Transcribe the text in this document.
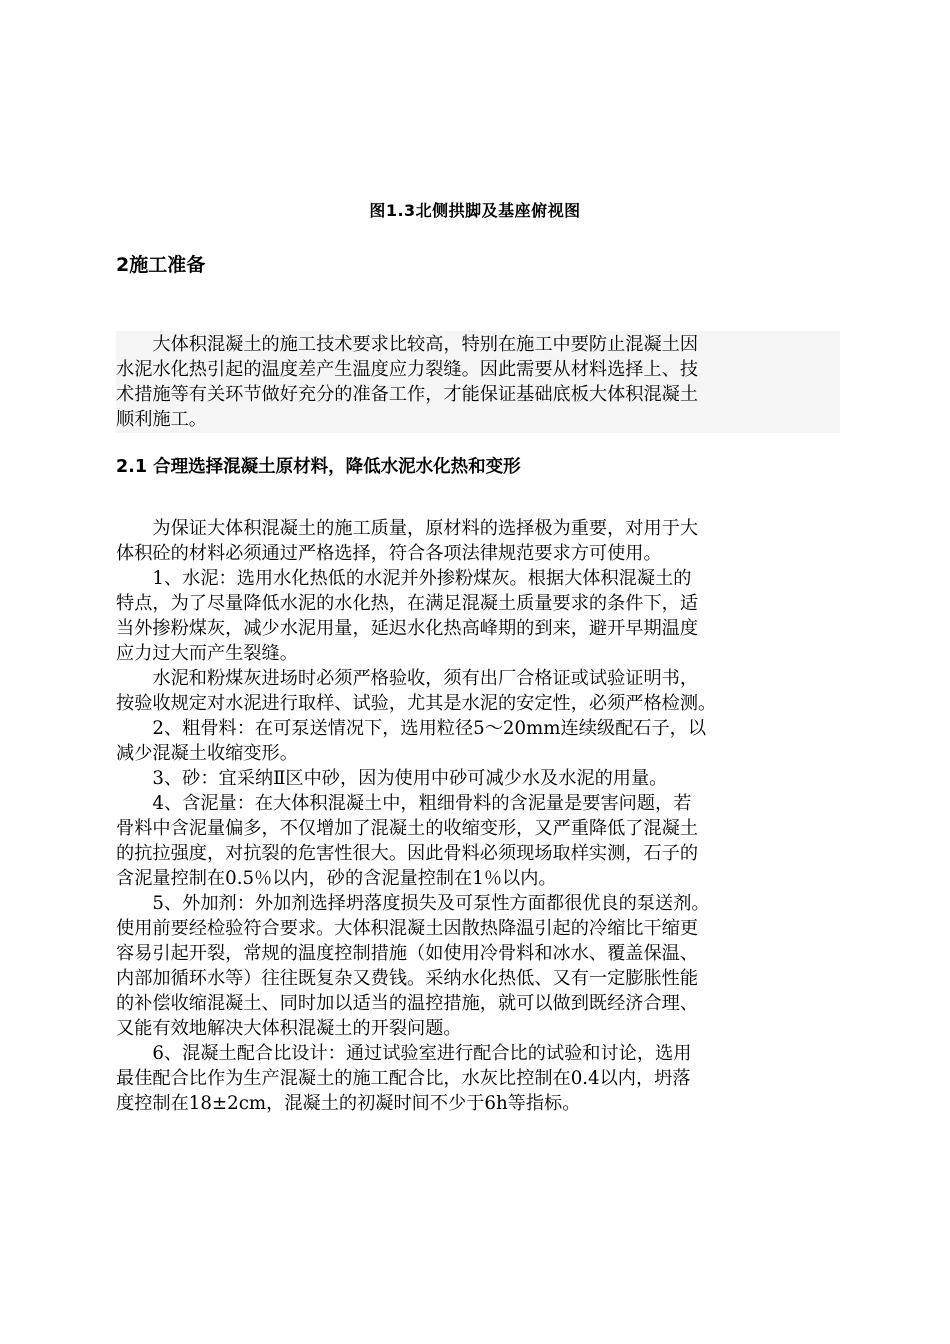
图1.3北侧拱脚及基座俯视图
2施工准备
　　大体积混凝土的施工技术要求比较高，特别在施工中要防止混凝土因
水泥水化热引起的温度差产生温度应力裂缝。因此需要从材料选择上、技
术措施等有关环节做好充分的准备工作，才能保证基础底板大体积混凝土
顺利施工。
2.1 合理选择混凝土原材料，降低水泥水化热和变形
　　为保证大体积混凝土的施工质量，原材料的选择极为重要，对用于大
体积砼的材料必须通过严格选择，符合各项法律规范要求方可使用。
　　1、水泥：选用水化热低的水泥并外掺粉煤灰。根据大体积混凝土的
特点，为了尽量降低水泥的水化热，在满足混凝土质量要求的条件下，适
当外掺粉煤灰，减少水泥用量，延迟水化热高峰期的到来，避开早期温度
应力过大而产生裂缝。
　　水泥和粉煤灰进场时必须严格验收，须有出厂合格证或试验证明书，
按验收规定对水泥进行取样、试验，尤其是水泥的安定性，必须严格检测。
　　2、粗骨料：在可泵送情况下，选用粒径5～20mm连续级配石子，以
减少混凝土收缩变形。
　　3、砂：宜采纳Ⅱ区中砂，因为使用中砂可减少水及水泥的用量。
　　4、含泥量：在大体积混凝土中，粗细骨料的含泥量是要害问题，若
骨料中含泥量偏多，不仅增加了混凝土的收缩变形，又严重降低了混凝土
的抗拉强度，对抗裂的危害性很大。因此骨料必须现场取样实测，石子的
含泥量控制在0.5％以内，砂的含泥量控制在1％以内。
　　5、外加剂：外加剂选择坍落度损失及可泵性方面都很优良的泵送剂。
使用前要经检验符合要求。大体积混凝土因散热降温引起的冷缩比干缩更
容易引起开裂，常规的温度控制措施（如使用冷骨料和冰水、覆盖保温、
内部加循环水等）往往既复杂又费钱。采纳水化热低、又有一定膨胀性能
的补偿收缩混凝土、同时加以适当的温控措施，就可以做到既经济合理、
又能有效地解决大体积混凝土的开裂问题。
　　6、混凝土配合比设计：通过试验室进行配合比的试验和讨论，选用
最佳配合比作为生产混凝土的施工配合比，水灰比控制在0.4以内，坍落
度控制在18±2cm，混凝土的初凝时间不少于6h等指标。
